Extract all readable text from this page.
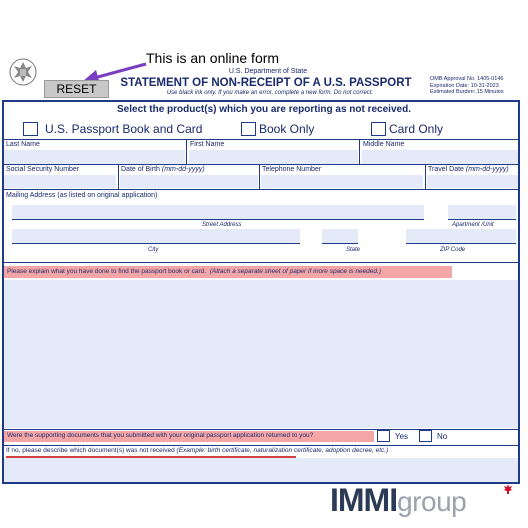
This is an online form
RESET
U.S. Department of State
STATEMENT OF NON-RECEIPT OF A U.S. PASSPORT
Use black ink only. If you make an error, complete a new form. Do not correct.
OMB Approval No. 1405-0146
Expiration Date: 10-31-2023
Estimated Burden: 15 Minutes
Select the product(s) which you are reporting as not received.
U.S. Passport Book and Card	Book Only	Card Only
Last Name	First Name	Middle Name
Social Security Number	Date of Birth (mm-dd-yyyy)	Telephone Number	Travel Date (mm-dd-yyyy)
Mailing Address (as listed on original application)
Street Address	Apartment /Unit
City	State	ZIP Code
Please explain what you have done to find the passport book or card. (Attach a separate sheet of paper if more space is needed.)
Were the supporting documents that you submitted with your original passport application returned to you?	Yes	No
If no, please describe which document(s) was not received (Example: birth certificate, naturalization certificate, adoption decree, etc.)
IMMI group
